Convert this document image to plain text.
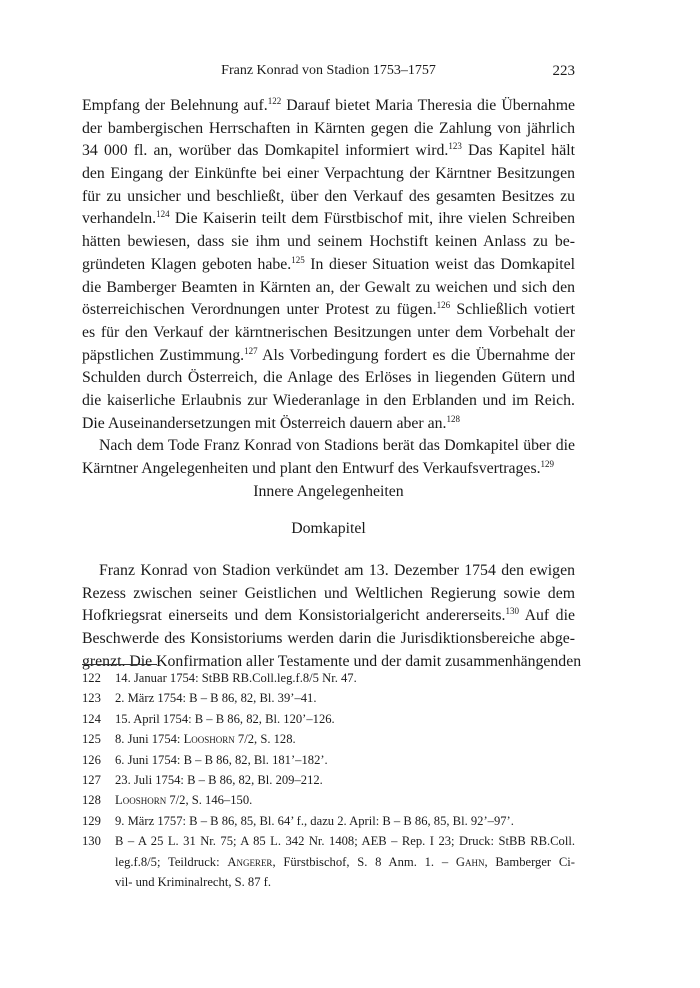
Franz Konrad von Stadion 1753–1757	223

Empfang der Belehnung auf.$^{122}$ Darauf bietet Maria Theresia die Übernahme
der bambergischen Herrschaften in Kärnten gegen die Zahlung von jährlich
34 000 fl. an, worüber das Domkapitel informiert wird.$^{123}$ Das Kapitel hält
den Eingang der Einkünfte bei einer Verpachtung der Kärntner Besitzungen
für zu unsicher und beschließt, über den Verkauf des gesamten Besitzes zu
verhandeln.$^{124}$ Die Kaiserin teilt dem Fürstbischof mit, ihre vielen Schreiben
hätten bewiesen, dass sie ihm und seinem Hochstift keinen Anlass zu be-
gründeten Klagen geboten habe.$^{125}$ In dieser Situation weist das Domkapitel
die Bamberger Beamten in Kärnten an, der Gewalt zu weichen und sich den
österreichischen Verordnungen unter Protest zu fügen.$^{126}$ Schließlich votiert
es für den Verkauf der kärntnerischen Besitzungen unter dem Vorbehalt der
päpstlichen Zustimmung.$^{127}$ Als Vorbedingung fordert es die Übernahme der
Schulden durch Österreich, die Anlage des Erlöses in liegenden Gütern und
die kaiserliche Erlaubnis zur Wiederanlage in den Erblanden und im Reich.
Die Auseinandersetzungen mit Österreich dauern aber an.$^{128}$

Nach dem Tode Franz Konrad von Stadions berät das Domkapitel über die
Kärntner Angelegenheiten und plant den Entwurf des Verkaufsvertrages.$^{129}$

Innere Angelegenheiten
Domkapitel

Franz Konrad von Stadion verkündet am 13. Dezember 1754 den ewigen
Rezess zwischen seiner Geistlichen und Weltlichen Regierung sowie dem
Hofkriegsrat einerseits und dem Konsistorialgericht andererseits.$^{130}$ Auf die
Beschwerde des Konsistoriums werden darin die Jurisdiktionsbereiche abge-
grenzt. Die Konfirmation aller Testamente und der damit zusammenhängenden

122 14. Januar 1754: StBB RB.Coll.leg.f.8/5 Nr. 47.
123 2. März 1754: B – B 86, 82, Bl. 39’–41.
124 15. April 1754: B – B 86, 82, Bl. 120’–126.
125 8. Juni 1754: Looshorn 7/2, S. 128.
126 6. Juni 1754: B – B 86, 82, Bl. 181’–182’.
127 23. Juli 1754: B – B 86, 82, Bl. 209–212.
128 Looshorn 7/2, S. 146–150.
129 9. März 1757: B – B 86, 85, Bl. 64’ f., dazu 2. April: B – B 86, 85, Bl. 92’–97’.
130 B – A 25 L. 31 Nr. 75; A 85 L. 342 Nr. 1408; AEB – Rep. I 23; Druck: StBB RB.Coll.
leg.f.8/5; Teildruck: Angerer, Fürstbischof, S. 8 Anm. 1. – Gahn, Bamberger Ci-
vil- und Kriminalrecht, S. 87 f.
